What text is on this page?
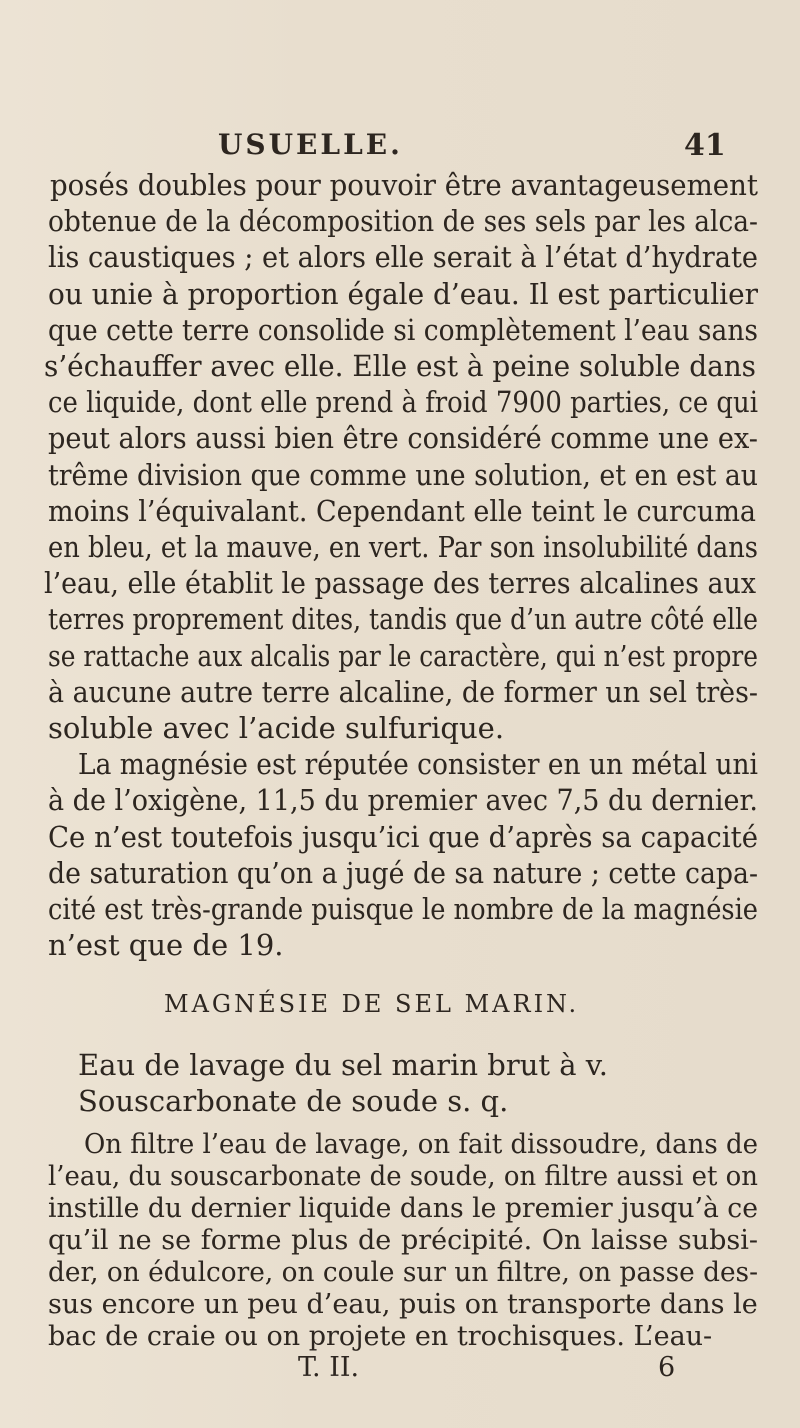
USUELLE.	41
posés doubles pour pouvoir être avantageusement
obtenue de la décomposition de ses sels par les alca-
lis caustiques ; et alors elle serait à l’état d’hydrate
ou unie à proportion égale d’eau. Il est particulier
que cette terre consolide si complètement l’eau sans
s’échauffer avec elle. Elle est à peine soluble dans
ce liquide, dont elle prend à froid 7900 parties, ce qui
peut alors aussi bien être considéré comme une ex-
trême division que comme une solution, et en est au
moins l’équivalant. Cependant elle teint le curcuma
en bleu, et la mauve, en vert. Par son insolubilité dans
l’eau, elle établit le passage des terres alcalines aux
terres proprement dites, tandis que d’un autre côté elle
se rattache aux alcalis par le caractère, qui n’est propre
à aucune autre terre alcaline, de former un sel très-
soluble avec l’acide sulfurique.
La magnésie est réputée consister en un métal uni
à de l’oxigène, 11,5 du premier avec 7,5 du dernier.
Ce n’est toutefois jusqu’ici que d’après sa capacité
de saturation qu’on a jugé de sa nature ; cette capa-
cité est très-grande puisque le nombre de la magnésie
n’est que de 19.
MAGNÉSIE DE SEL MARIN.
Eau de lavage du sel marin brut à v.
Souscarbonate de soude s. q.
On filtre l’eau de lavage, on fait dissoudre, dans de
l’eau, du souscarbonate de soude, on filtre aussi et on
instille du dernier liquide dans le premier jusqu’à ce
qu’il ne se forme plus de précipité. On laisse subsi-
der, on édulcore, on coule sur un filtre, on passe des-
sus encore un peu d’eau, puis on transporte dans le
bac de craie ou on projete en trochisques. L’eau-
T. II.	6
